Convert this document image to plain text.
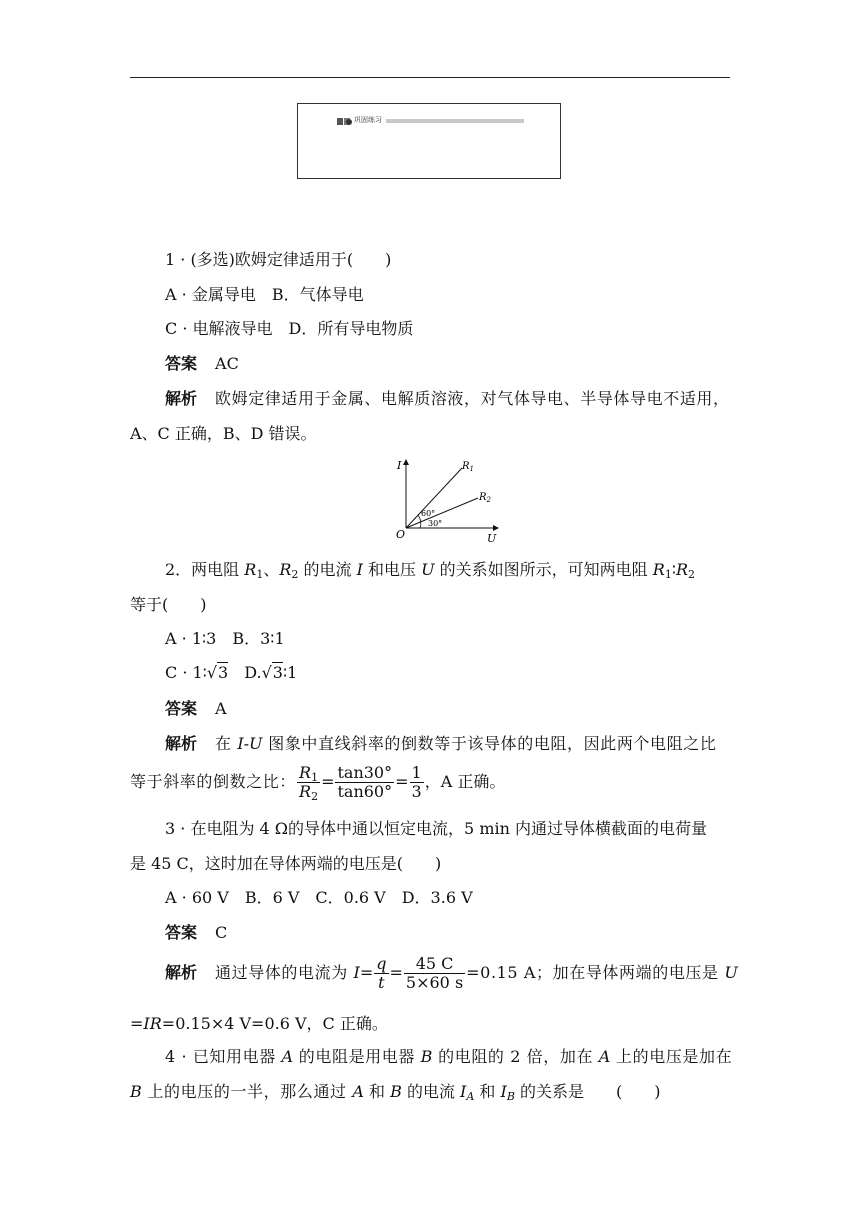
巩固练习
1 · (多选)欧姆定律适用于(　　)
A · 金属导电　B．气体导电
C · 电解液导电　D．所有导电物质
答案 AC
解析 欧姆定律适用于金属、电解质溶液，对气体导电、半导体导电不适用，
A、C 正确，B、D 错误。
I
U
O
$R_1$
$R_2$
60°
30°
2．两电阻 $R_1$、$R_2$ 的电流 I 和电压 U 的关系如图所示，可知两电阻 $R_1∶R_2$
等于(　　)
A · 1∶3　B．3∶1
C · 1∶√3　D.√3∶1
答案 A
解析 在 I-U 图象中直线斜率的倒数等于该导体的电阻，因此两个电阻之比
等于斜率的倒数之比： $\frac{R_1}{R_2} = \frac{\tan 30^\circ}{\tan 60^\circ} = \frac{1}{3}$ ，A 正确。
3 · 在电阻为 4 Ω的导体中通以恒定电流，5 min 内通过导体横截面的电荷量
是 45 C，这时加在导体两端的电压是(　　)
A · 60 V　B．6 V　C．0.6 V　D．3.6 V
答案 C
解析 通过导体的电流为 $I= \frac{q}{t} = \frac{45 C}{5\times 60 s} =0.15$ A；加在导体两端的电压是 U
=IR=0.15×4 V=0.6 V，C 正确。
4 · 已知用电器 A 的电阻是用电器 B 的电阻的 2 倍，加在 A 上的电压是加在
B 上的电压的一半，那么通过 A 和 B 的电流 $I_A$ 和 $I_B$ 的关系是　　(　　)
